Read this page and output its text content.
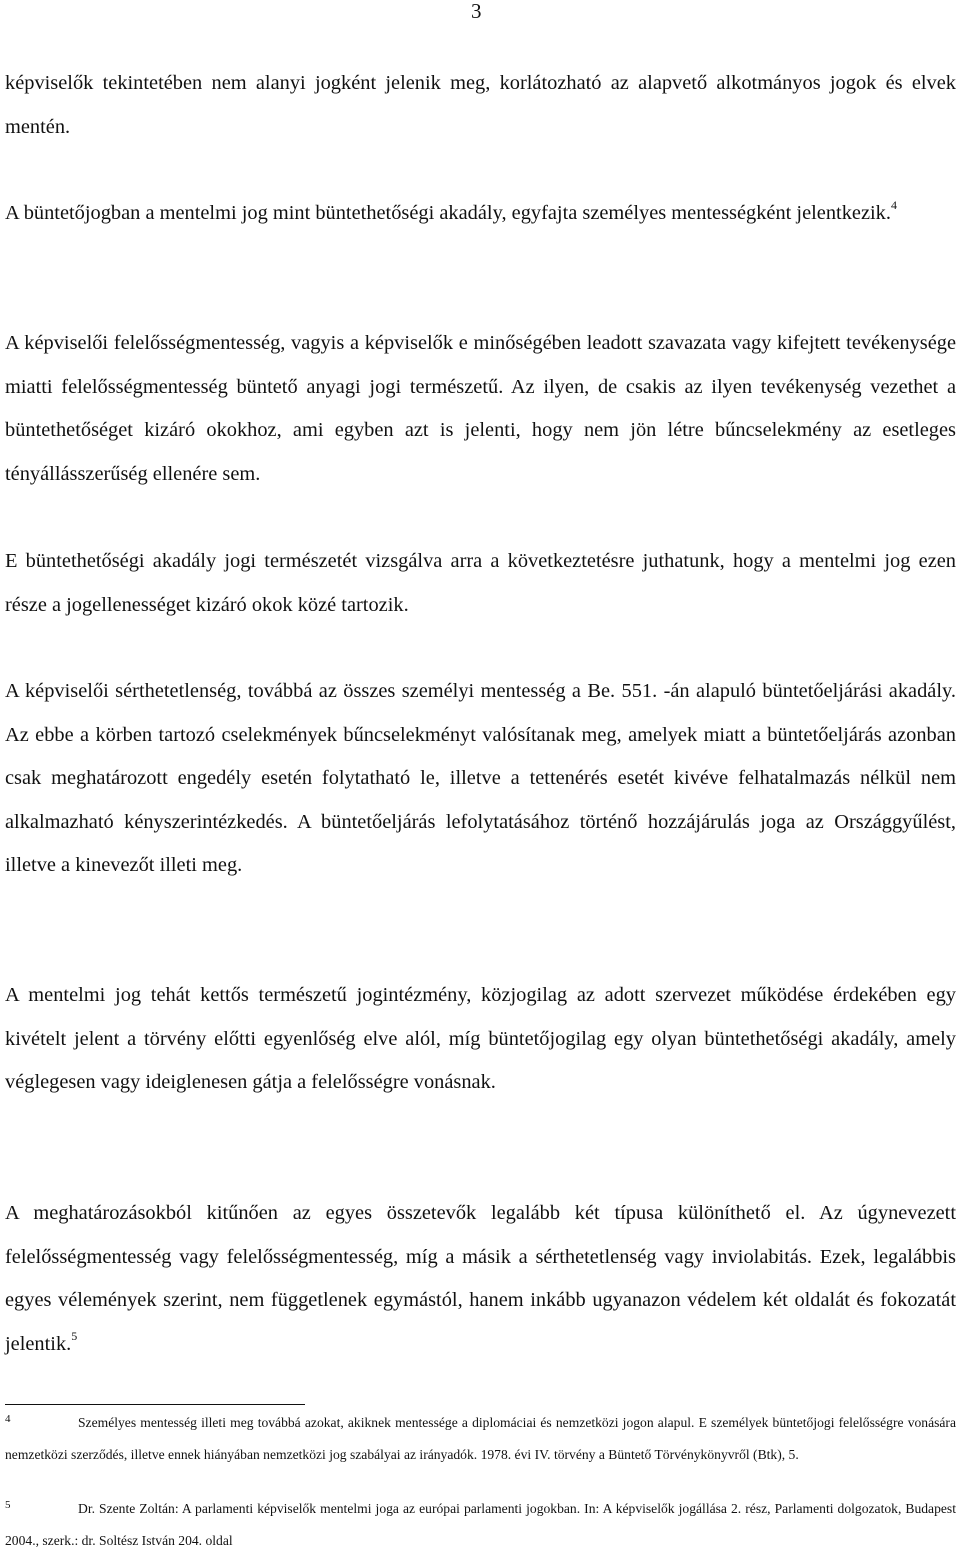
3

képviselők tekintetében nem alanyi jogként jelenik meg, korlátozható az alapvető alkotmányos jogok és elvek mentén.

A büntetőjogban a mentelmi jog mint büntethetőségi akadály, egyfajta személyes mentességként jelentkezik.$^4$

A képviselői felelősségmentesség, vagyis a képviselők e minőségében leadott szavazata vagy kifejtett tevékenysége miatti felelősségmentesség büntető anyagi jogi természetű. Az ilyen, de csakis az ilyen tevékenység vezethet a büntethetőséget kizáró okokhoz, ami egyben azt is jelenti, hogy nem jön létre bűncselekmény az esetleges tényállásszerűség ellenére sem.

E büntethetőségi akadály jogi természetét vizsgálva arra a következtetésre juthatunk, hogy a mentelmi jog ezen része a jogellenességet kizáró okok közé tartozik.

A képviselői sérthetetlenség, továbbá az összes személyi mentesség a Be. 551. -án alapuló büntetőeljárási akadály. Az ebbe a körben tartozó cselekmények bűncselekményt valósítanak meg, amelyek miatt a büntetőeljárás azonban csak meghatározott engedély esetén folytatható le, illetve a tettenérés esetét kivéve felhatalmazás nélkül nem alkalmazható kényszerintézkedés. A büntetőeljárás lefolytatásához történő hozzájárulás joga az Országgyűlést, illetve a kinevezőt illeti meg.

A mentelmi jog tehát kettős természetű jogintézmény, közjogilag az adott szervezet működése érdekében egy kivételt jelent a törvény előtti egyenlőség elve alól, míg büntetőjogilag egy olyan büntethetőségi akadály, amely véglegesen vagy ideiglenesen gátja a felelősségre vonásnak.

A meghatározásokból kitűnően az egyes összetevők legalább két típusa különíthető el. Az úgynevezett felelősségmentesség vagy felelősségmentesség, míg a másik a sérthetetlenség vagy inviolabitás. Ezek, legalábbis egyes vélemények szerint, nem függetlenek egymástól, hanem inkább ugyanazon védelem két oldalát és fokozatát jelentik.$^5$

4	Személyes mentesség illeti meg továbbá azokat, akiknek mentessége a diplomáciai és nemzetközi jogon alapul. E személyek büntetőjogi felelősségre vonására nemzetközi szerződés, illetve ennek hiányában nemzetközi jog szabályai az irányadók. 1978. évi IV. törvény a Büntető Törvénykönyvről (Btk), 5.

5	Dr. Szente Zoltán: A parlamenti képviselők mentelmi joga az európai parlamenti jogokban. In: A képviselők jogállása 2. rész, Parlamenti dolgozatok, Budapest 2004., szerk.: dr. Soltész István 204. oldal
